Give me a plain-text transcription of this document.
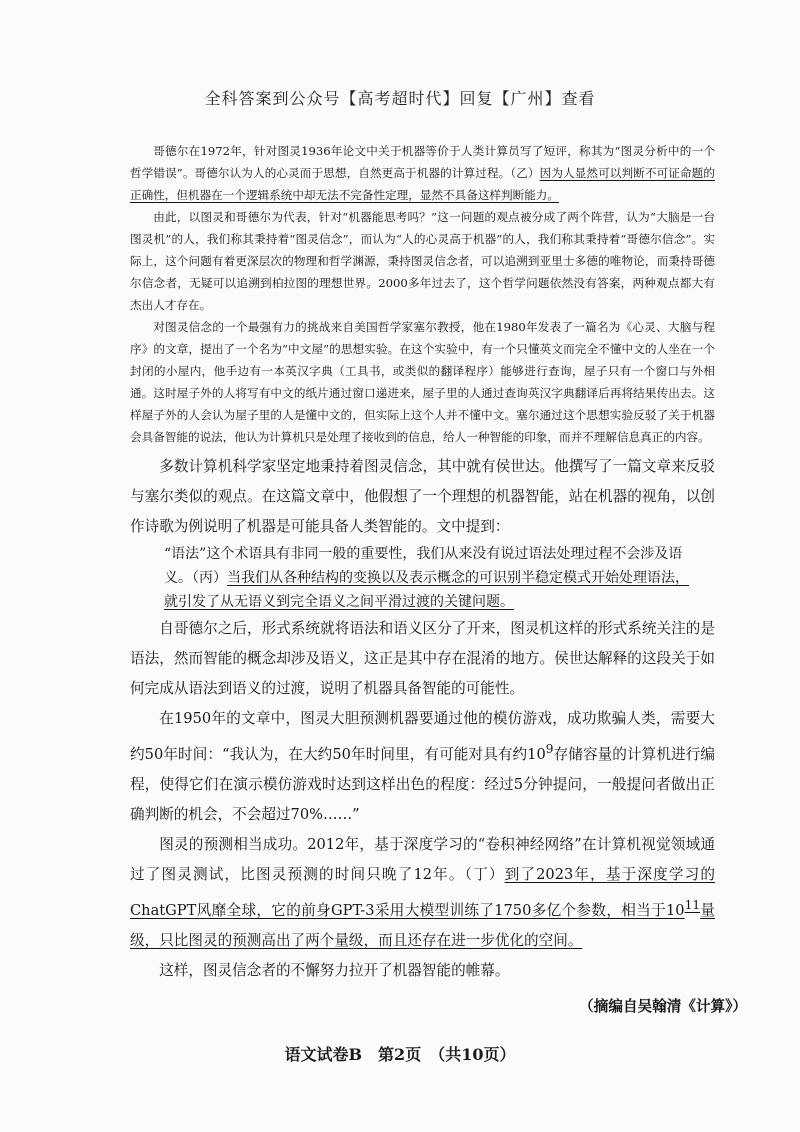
全科答案到公众号【高考超时代】回复【广州】查看

哥德尔在1972年，针对图灵1936年论文中关于机器等价于人类计算员写了短评，称其为“图灵分析中的一个哲学错误”。哥德尔认为人的心灵而于思想，自然更高于机器的计算过程。（乙）因为人显然可以判断不可证命题的正确性，但机器在一个逻辑系统中却无法不完备性定理，显然不具备这样判断能力。

由此，以图灵和哥德尔为代表，针对“机器能思考吗？”这一问题的观点被分成了两个阵营，认为“大脑是一台图灵机”的人，我们称其秉持着“图灵信念”，而认为“人的心灵高于机器”的人，我们称其秉持着“哥德尔信念”。实际上，这个问题有着更深层次的物理和哲学渊源，秉持图灵信念者，可以追溯到亚里士多德的唯物论，而秉持哥德尔信念者，无疑可以追溯到柏拉图的理想世界。2000多年过去了，这个哲学问题依然没有答案，两种观点都大有杰出人才存在。

对图灵信念的一个最强有力的挑战来自美国哲学家塞尔教授，他在1980年发表了一篇名为《心灵、大脑与程序》的文章，提出了一个名为“中文屋”的思想实验。在这个实验中，有一个只懂英文而完全不懂中文的人坐在一个封闭的小屋内，他手边有一本英汉字典（工具书，或类似的翻译程序）能够进行查询，屋子只有一个窗口与外相通。这时屋子外的人将写有中文的纸片通过窗口递进来，屋子里的人通过查询英汉字典翻译后再将结果传出去。这样屋子外的人会认为屋子里的人是懂中文的，但实际上这个人并不懂中文。塞尔通过这个思想实验反驳了关于机器会具备智能的说法，他认为计算机只是处理了接收到的信息，给人一种智能的印象，而并不理解信息真正的内容。

多数计算机科学家坚定地秉持着图灵信念，其中就有侯世达。他撰写了一篇文章来反驳与塞尔类似的观点。在这篇文章中，他假想了一个理想的机器智能，站在机器的视角，以创作诗歌为例说明了机器是可能具备人类智能的。文中提到：

“语法”这个术语具有非同一般的重要性，我们从来没有说过语法处理过程不会涉及语义。（丙）当我们从各种结构的变换以及表示概念的可识别半稳定模式开始处理语法，就引发了从无语义到完全语义之间平滑过渡的关键问题。

自哥德尔之后，形式系统就将语法和语义区分了开来，图灵机这样的形式系统关注的是语法，然而智能的概念却涉及语义，这正是其中存在混淆的地方。侯世达解释的这段关于如何完成从语法到语义的过渡，说明了机器具备智能的可能性。

在1950年的文章中，图灵大胆预测机器要通过他的模仿游戏，成功欺骗人类，需要大约50年时间：“我认为，在大约50年时间里，有可能对具有约$10^9$存储容量的计算机进行编程，使得它们在演示模仿游戏时达到这样出色的程度：经过5分钟提问，一般提问者做出正确判断的机会，不会超过70%……”

图灵的预测相当成功。2012年，基于深度学习的“卷积神经网络”在计算机视觉领域通过了图灵测试，比图灵预测的时间只晚了12年。（丁）到了2023年，基于深度学习的ChatGPT风靡全球，它的前身GPT-3采用大模型训练了1750多亿个参数，相当于$10^{11}$量级，只比图灵的预测高出了两个量级，而且还存在进一步优化的空间。

这样，图灵信念者的不懈努力拉开了机器智能的帷幕。

（摘编自吴翰清《计算》）

语文试卷B　第2页　（共10页）
